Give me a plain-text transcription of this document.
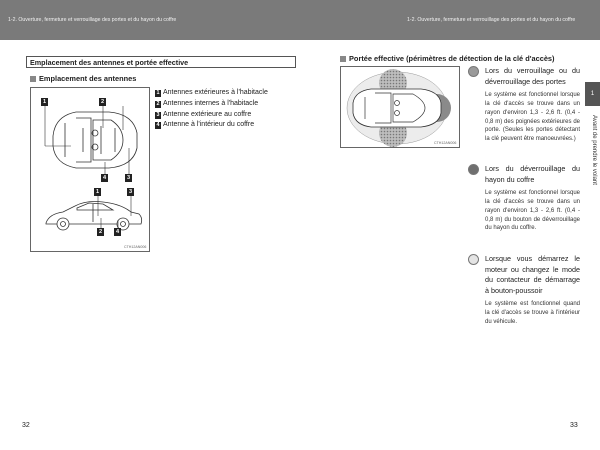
1-2. Ouverture, fermeture et verrouillage des portes et du hayon du coffre	1-2. Ouverture, fermeture et verrouillage des portes et du hayon du coffre
Emplacement des antennes et portée effective
Emplacement des antennes
1	2
4	3
1	3
2	4
CTH12AN006
1 Antennes extérieures à l'habitacle
2 Antennes internes à l'habitacle
3 Antenne extérieure au coffre
4 Antenne à l'intérieur du coffre
32
Portée effective (périmètres de détection de la clé d'accès)
CTH12AN006
Lors du verrouillage ou du déverrouillage des portes
Le système est fonctionnel lorsque la clé d'accès se trouve dans un rayon d'environ 1,3 - 2,6 ft. (0,4 - 0,8 m) des poignées extérieures de porte. (Seules les portes détectant la clé peuvent être manoeuvrées.)
Lors du déverrouillage du hayon du coffre
Le système est fonctionnel lorsque la clé d'accès se trouve dans un rayon d'environ 1,3 - 2,6 ft. (0,4 - 0,8 m) du bouton de déverrouillage du hayon du coffre.
Lorsque vous démarrez le moteur ou changez le mode du contacteur de démarrage à bouton-poussoir
Le système est fonctionnel quand la clé d'accès se trouve à l'intérieur du véhicule.
1
Avant de prendre le volant
33
